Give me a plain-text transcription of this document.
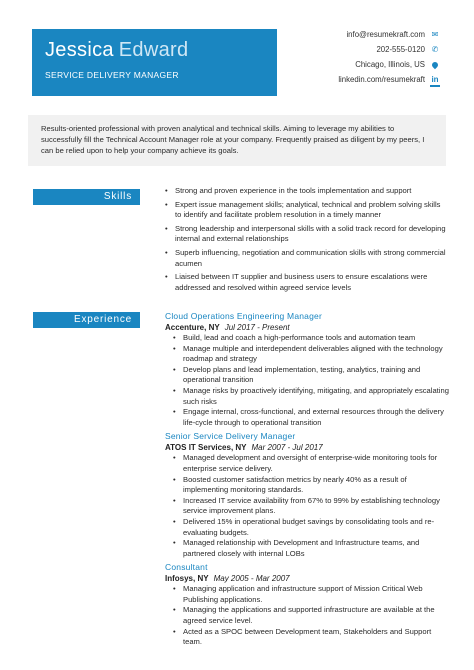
Jessica Edward
SERVICE DELIVERY MANAGER
info@resumekraft.com ✉
202-555-0120 ✆
Chicago, Illinois, US
linkedin.com/resumekraft in

Results-oriented professional with proven analytical and technical skills. Aiming to leverage my abilities to successfully fill the Technical Account Manager role at your company. Frequently praised as diligent by my peers, I can be relied upon to help your company achieve its goals.

Skills
• Strong and proven experience in the tools implementation and support
• Expert issue management skills; analytical, technical and problem solving skills to identify and facilitate problem resolution in a timely manner
• Strong leadership and interpersonal skills with a solid track record for developing internal and external relationships
• Superb influencing, negotiation and communication skills with strong commercial acumen
• Liaised between IT supplier and business users to ensure escalations were addressed and resolved within agreed service levels
Experience	Cloud Operations Engineering Manager
Accenture, NY Jul 2017 - Present
• Build, lead and coach a high-performance tools and automation team
• Manage multiple and interdependent deliverables aligned with the technology roadmap and strategy
• Develop plans and lead implementation, testing, analytics, training and operational transition
• Manage risks by proactively identifying, mitigating, and appropriately escalating such risks
• Engage internal, cross-functional, and external resources through the delivery life-cycle through to operational transition
Senior Service Delivery Manager
ATOS IT Services, NY Mar 2007 - Jul 2017
• Managed development and oversight of enterprise-wide monitoring tools for enterprise service delivery.
• Boosted customer satisfaction metrics by nearly 40% as a result of implementing monitoring standards.
• Increased IT service availability from 67% to 99% by establishing technology service improvement plans.
• Delivered 15% in operational budget savings by consolidating tools and re-evaluating budgets.
• Managed relationship with Development and Infrastructure teams, and partnered closely with internal LOBs
Consultant
Infosys, NY May 2005 - Mar 2007
• Managing application and infrastructure support of Mission Critical Web Publishing applications.
• Managing the applications and supported infrastructure are available at the agreed service level.
• Acted as a SPOC between Development team, Stakeholders and Support team.
